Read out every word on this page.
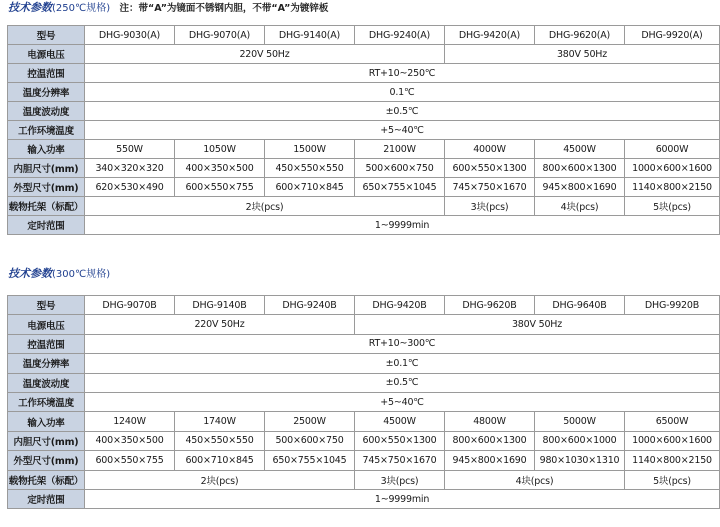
技术参数(250℃规格) 注：带“A”为镜面不锈钢内胆，不带“A”为镀锌板
型号	DHG-9030(A)	DHG-9070(A)	DHG-9140(A)	DHG-9240(A)	DHG-9420(A)	DHG-9620(A)	DHG-9920(A)
电源电压	220V 50Hz				380V 50Hz		
控温范围	RT+10~250℃						
温度分辨率	0.1℃						
温度波动度	±0.5℃						
工作环境温度	+5~40℃						
输入功率	550W	1050W	1500W	2100W	4000W	4500W	6000W
内胆尺寸(mm)	340×320×320	400×350×500	450×550×550	500×600×750	600×550×1300	800×600×1300	1000×600×1600
外型尺寸(mm)	620×530×490	600×550×755	600×710×845	650×755×1045	745×750×1670	945×800×1690	1140×800×2150
载物托架（标配）	2块(pcs)				3块(pcs)	4块(pcs)	5块(pcs)
定时范围	1~9999min						
技术参数(300℃规格)
型号	DHG-9070B	DHG-9140B	DHG-9240B	DHG-9420B	DHG-9620B	DHG-9640B	DHG-9920B
电源电压	220V 50Hz			380V 50Hz			
控温范围	RT+10~300℃						
温度分辨率	±0.1℃						
温度波动度	±0.5℃						
工作环境温度	+5~40℃						
输入功率	1240W	1740W	2500W	4500W	4800W	5000W	6500W
内胆尺寸(mm)	400×350×500	450×550×550	500×600×750	600×550×1300	800×600×1300	800×600×1000	1000×600×1600
外型尺寸(mm)	600×550×755	600×710×845	650×755×1045	745×750×1670	945×800×1690	980×1030×1310	1140×800×2150
载物托架（标配）	2块(pcs)			3块(pcs)	4块(pcs)		5块(pcs)
定时范围	1~9999min						
